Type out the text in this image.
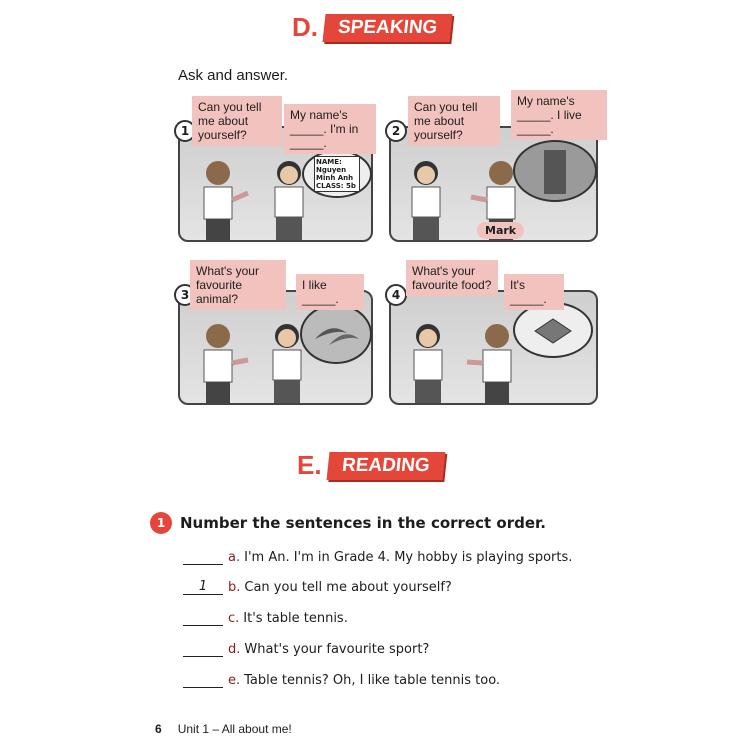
D. SPEAKING
Ask and answer.
Can you tell me about yourself?
My name's _____. I'm in _____.
1
NAME: Nguyen Minh Anh CLASS: 5b
Can you tell me about yourself?
My name's _____. I live _____.
2
Mark
What's your favourite animal?
I like _____.
3
What's your favourite food?	It's _____.
4
E. READING
1 Number the sentences in the correct order.
a. I'm An. I'm in Grade 4. My hobby is playing sports.
1	b. Can you tell me about yourself?
c. It's table tennis.
d. What's your favourite sport?
e. Table tennis? Oh, I like table tennis too.
6 Unit 1 – All about me!
